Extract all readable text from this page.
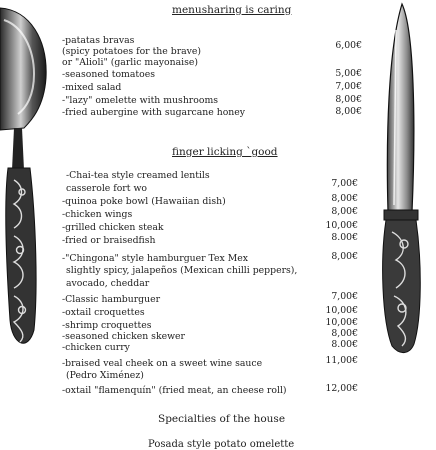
menusharing is caring
-patatas bravas
(spicy potatoes for the brave)
or "Alioli" (garlic mayonaise)
6,00€
-seasoned tomatoes	5,00€
-mixed salad	7,00€
-"lazy" omelette with mushrooms	8,00€
-fried aubergine with sugarcane honey	8,00€
finger licking `good
-Chai-tea style creamed lentils
casserole fort wo	7,00€
-quinoa poke bowl (Hawaiian dish)	8,00€
-chicken wings	8,00€
-grilled chicken steak	10,00€
-fried or braisedfish	8.00€
-"Chingona" style hamburguer Tex Mex
slightly spicy, jalapeños (Mexican chilli peppers),
avocado, cheddar
8,00€
-Classic hamburguer	7,00€
-oxtail croquettes	10,00€
-shrimp croquettes	10,00€
-seasoned chicken skewer	8,00€
-chicken curry	8.00€
-braised veal cheek on a sweet wine sauce
(Pedro Ximénez)
11,00€
-oxtail "flamenquín" (fried meat, an cheese roll)	12,00€
Specialties of the house
Posada style potato omelette
